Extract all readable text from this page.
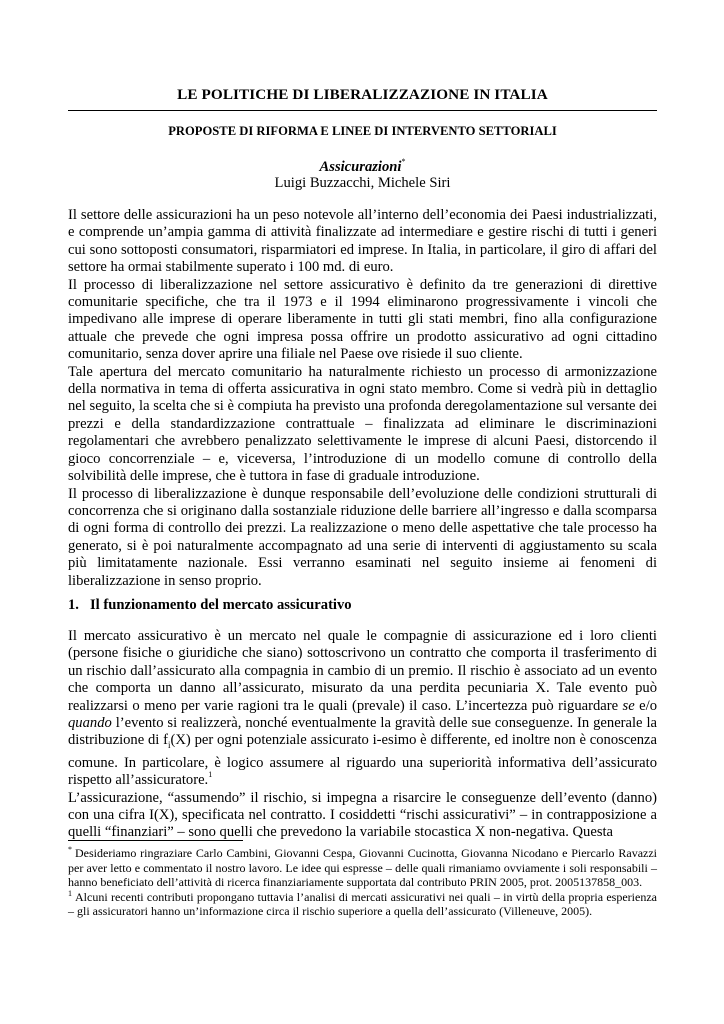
LE POLITICHE DI LIBERALIZZAZIONE IN ITALIA
PROPOSTE DI RIFORMA E LINEE DI INTERVENTO SETTORIALI
Assicurazioni*
Luigi Buzzacchi, Michele Siri

Il settore delle assicurazioni ha un peso notevole all’interno dell’economia dei Paesi industrializzati, e comprende un’ampia gamma di attività finalizzate ad intermediare e gestire rischi di tutti i generi cui sono sottoposti consumatori, risparmiatori ed imprese. In Italia, in particolare, il giro di affari del settore ha ormai stabilmente superato i 100 md. di euro.

Il processo di liberalizzazione nel settore assicurativo è definito da tre generazioni di direttive comunitarie specifiche, che tra il 1973 e il 1994 eliminarono progressivamente i vincoli che impedivano alle imprese di operare liberamente in tutti gli stati membri, fino alla configurazione attuale che prevede che ogni impresa possa offrire un prodotto assicurativo ad ogni cittadino comunitario, senza dover aprire una filiale nel Paese ove risiede il suo cliente.

Tale apertura del mercato comunitario ha naturalmente richiesto un processo di armonizzazione della normativa in tema di offerta assicurativa in ogni stato membro. Come si vedrà più in dettaglio nel seguito, la scelta che si è compiuta ha previsto una profonda deregolamentazione sul versante dei prezzi e della standardizzazione contrattuale – finalizzata ad eliminare le discriminazioni regolamentari che avrebbero penalizzato selettivamente le imprese di alcuni Paesi, distorcendo il gioco concorrenziale – e, viceversa, l’introduzione di un modello comune di controllo della solvibilità delle imprese, che è tuttora in fase di graduale introduzione.

Il processo di liberalizzazione è dunque responsabile dell’evoluzione delle condizioni strutturali di concorrenza che si originano dalla sostanziale riduzione delle barriere all’ingresso e dalla scomparsa di ogni forma di controllo dei prezzi. La realizzazione o meno delle aspettative che tale processo ha generato, si è poi naturalmente accompagnato ad una serie di interventi di aggiustamento su scala più limitatamente nazionale. Essi verranno esaminati nel seguito insieme ai fenomeni di liberalizzazione in senso proprio.

1. Il funzionamento del mercato assicurativo

Il mercato assicurativo è un mercato nel quale le compagnie di assicurazione ed i loro clienti (persone fisiche o giuridiche che siano) sottoscrivono un contratto che comporta il trasferimento di un rischio dall’assicurato alla compagnia in cambio di un premio. Il rischio è associato ad un evento che comporta un danno all’assicurato, misurato da una perdita pecuniaria X. Tale evento può realizzarsi o meno per varie ragioni tra le quali (prevale) il caso. L’incertezza può riguardare se e/o quando l’evento si realizzerà, nonché eventualmente la gravità delle sue conseguenze. In generale la distribuzione di $f_i(X)$ per ogni potenziale assicurato i-esimo è differente, ed inoltre non è conoscenza comune. In particolare, è logico assumere al riguardo una superiorità informativa dell’assicurato rispetto all’assicuratore.$^1$

L’assicurazione, “assumendo” il rischio, si impegna a risarcire le conseguenze dell’evento (danno) con una cifra I(X), specificata nel contratto. I cosiddetti “rischi assicurativi” – in contrapposizione a quelli “finanziari” – sono quelli che prevedono la variabile stocastica X non-negativa. Questa

* Desideriamo ringraziare Carlo Cambini, Giovanni Cespa, Giovanni Cucinotta, Giovanna Nicodano e Piercarlo Ravazzi per aver letto e commentato il nostro lavoro. Le idee qui espresse – delle quali rimaniamo ovviamente i soli responsabili – hanno beneficiato dell’attività di ricerca finanziariamente supportata dal contributo PRIN 2005, prot. 2005137858_003.

$^1$ Alcuni recenti contributi propongano tuttavia l’analisi di mercati assicurativi nei quali – in virtù della propria esperienza – gli assicuratori hanno un’informazione circa il rischio superiore a quella dell’assicurato (Villeneuve, 2005).
